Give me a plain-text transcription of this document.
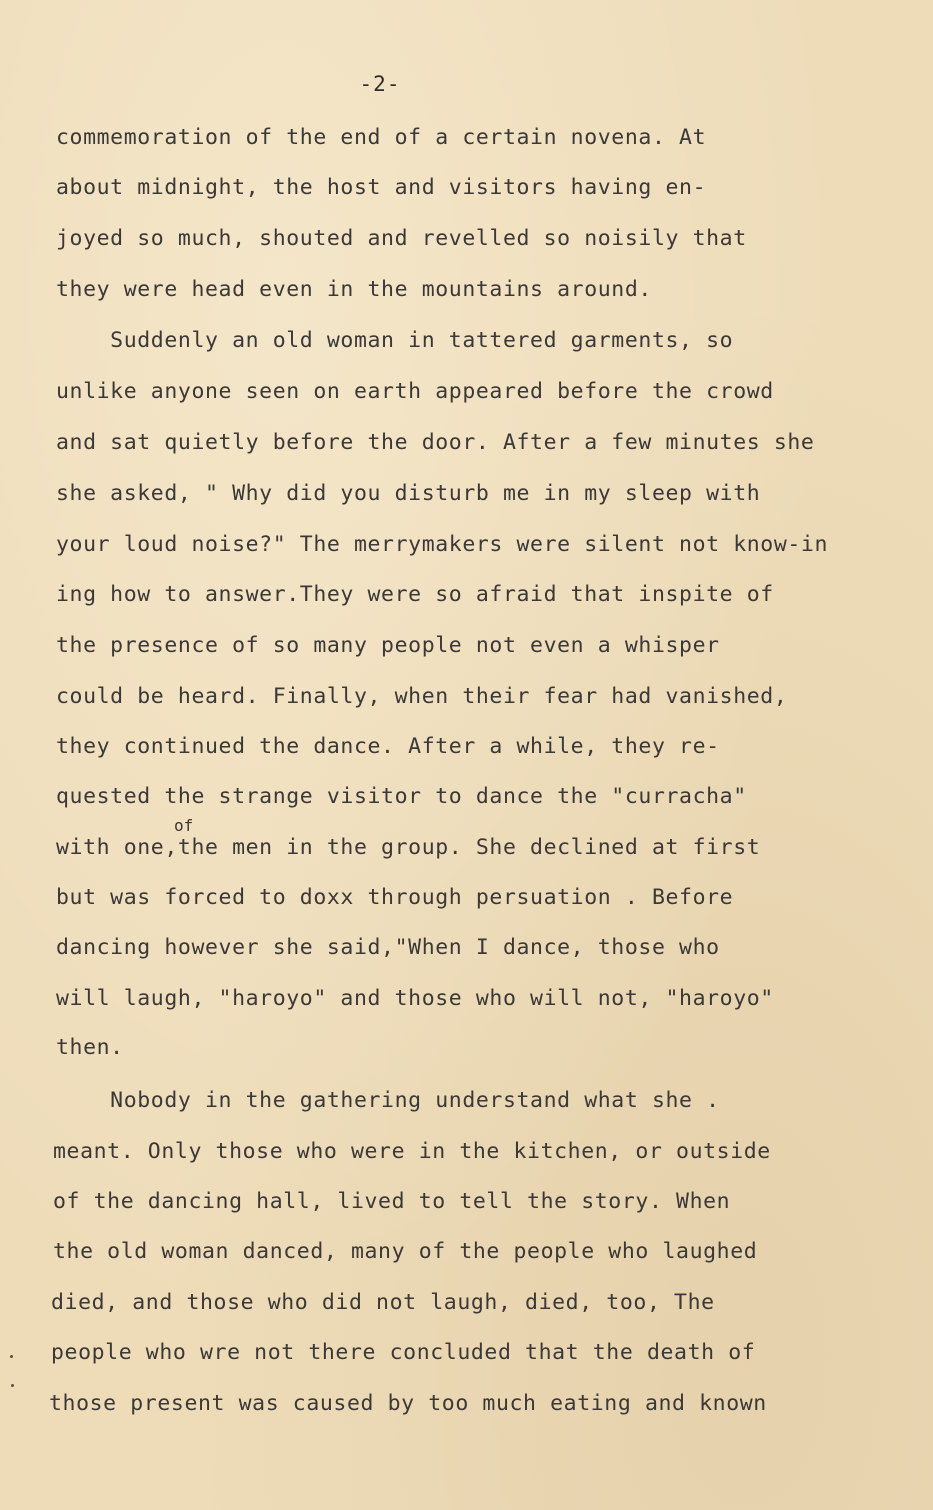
-2-
commemoration of the end of a certain novena. At
about midnight, the host and visitors having en-
joyed so much, shouted and revelled so noisily that
they were head even in the mountains around.
Suddenly an old woman in tattered garments, so
unlike anyone seen on earth appeared before the crowd
and sat quietly before the door. After a few minutes she
she asked, " Why did you disturb me in my sleep with
your loud noise?" The merrymakers were silent not know-in
ing how to answer.They were so afraid that inspite of
the presence of so many people not even a whisper
could be heard. Finally, when their fear had vanished,
they continued the dance. After a while, they re-
quested the strange visitor to dance the "curracha"
of
with one,the men in the group. She declined at first
but was forced to doxx through persuation . Before
dancing however she said,"When I dance, those who
will laugh, "haroyo" and those who will not, "haroyo"
then.
Nobody in the gathering understand what she .
meant. Only those who were in the kitchen, or outside
of the dancing hall, lived to tell the story. When
the old woman danced, many of the people who laughed
died, and those who did not laugh, died, too, The
people who wre not there concluded that the death of
those present was caused by too much eating and known
